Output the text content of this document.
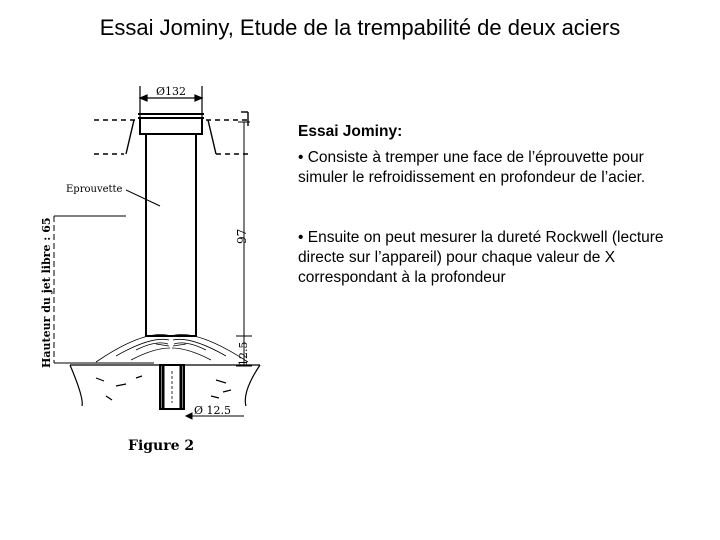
Essai Jominy, Etude de la trempabilité de deux aciers
Ø132
Eprouvette
97
12.5
Hauteur du jet libre : 65
Ø 12.5
Figure 2

Essai Jominy:

• Consiste à tremper une face de l’éprouvette pour simuler le refroidissement en profondeur de l’acier.

• Ensuite on peut mesurer la dureté Rockwell (lecture directe sur l’appareil) pour chaque valeur de X correspondant à la profondeur
